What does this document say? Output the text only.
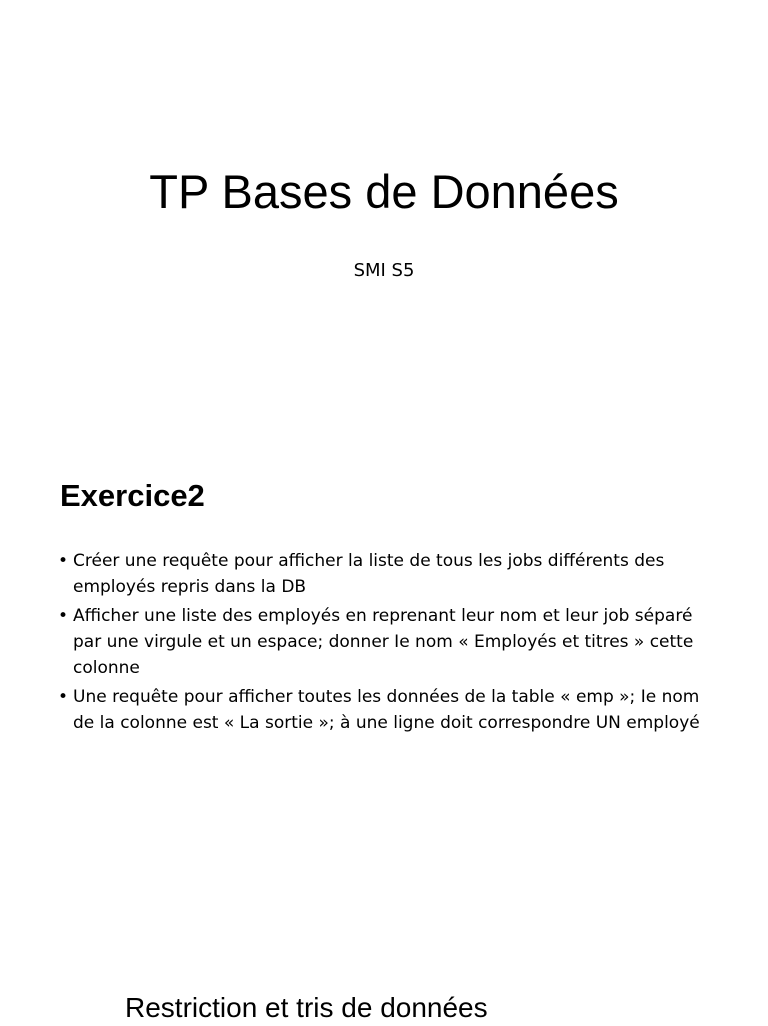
TP Bases de Données
SMI S5
Exercice2
• Créer une requête pour afficher la liste de tous les jobs différents des employés repris dans la DB
• Afficher une liste des employés en reprenant leur nom et leur job séparé par une virgule et un espace; donner Ie nom « Employés et titres » cette colonne
• Une requête pour afficher toutes les données de la table « emp »; Ie nom de la colonne est « La sortie »; à une ligne doit correspondre UN employé
Restriction et tris de données
